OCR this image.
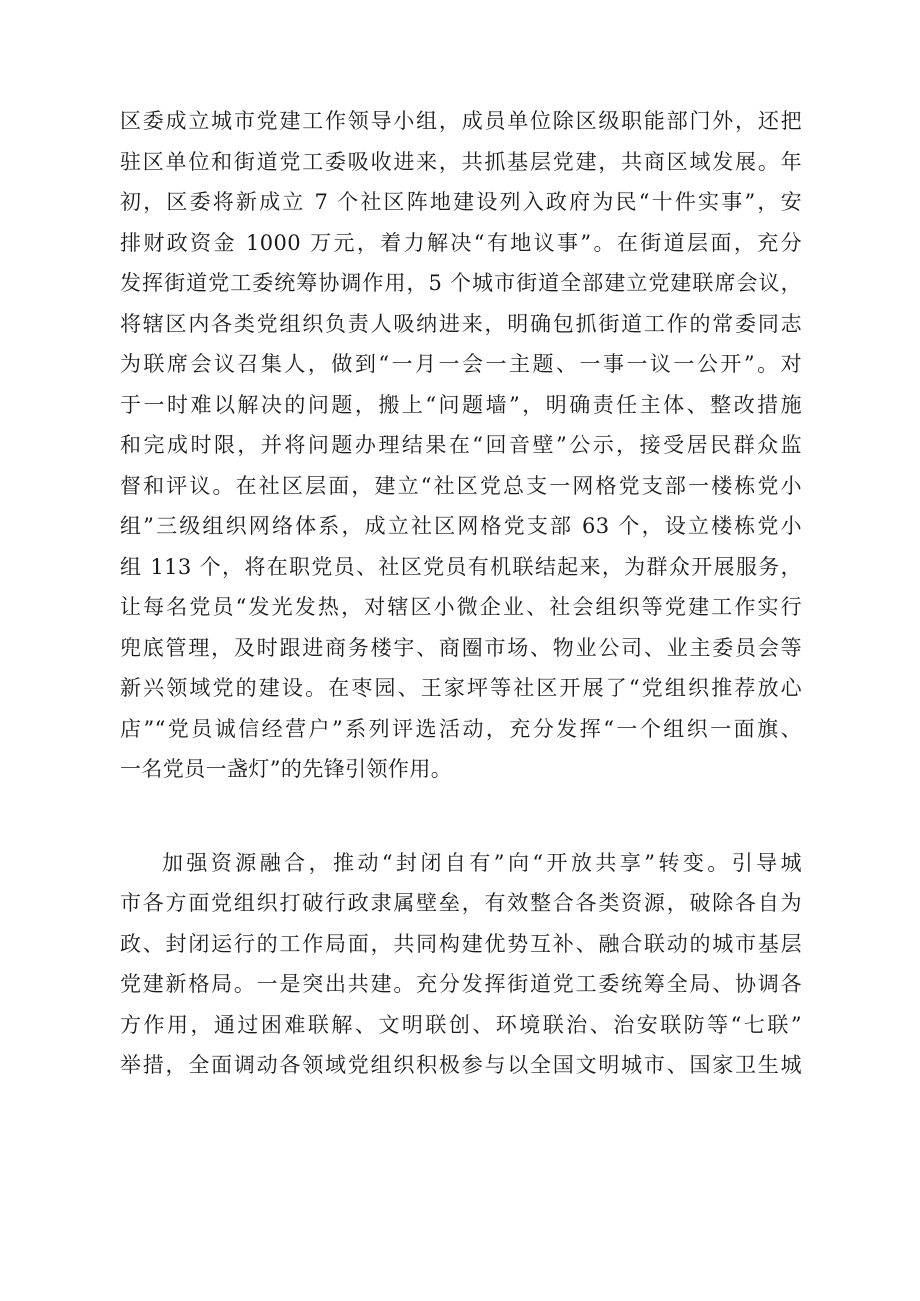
区委成立城市党建工作领导小组，成员单位除区级职能部门外，还把
驻区单位和街道党工委吸收进来，共抓基层党建，共商区域发展。年
初，区委将新成立 7 个社区阵地建设列入政府为民“十件实事”，安
排财政资金 1000 万元，着力解决“有地议事”。在街道层面，充分
发挥街道党工委统筹协调作用，5 个城市街道全部建立党建联席会议，
将辖区内各类党组织负责人吸纳进来，明确包抓街道工作的常委同志
为联席会议召集人，做到“一月一会一主题、一事一议一公开”。对
于一时难以解决的问题，搬上“问题墙”，明确责任主体、整改措施
和完成时限，并将问题办理结果在“回音壁”公示，接受居民群众监
督和评议。在社区层面，建立“社区党总支一网格党支部一楼栋党小
组”三级组织网络体系，成立社区网格党支部 63 个，设立楼栋党小
组 113 个，将在职党员、社区党员有机联结起来，为群众开展服务，
让每名党员“发光发热，对辖区小微企业、社会组织等党建工作实行
兜底管理，及时跟进商务楼宇、商圈市场、物业公司、业主委员会等
新兴领域党的建设。在枣园、王家坪等社区开展了“党组织推荐放心
店”“党员诚信经营户”系列评选活动，充分发挥“一个组织一面旗、
一名党员一盏灯”的先锋引领作用。
加强资源融合，推动“封闭自有”向“开放共享”转变。引导城
市各方面党组织打破行政隶属壁垒，有效整合各类资源，破除各自为
政、封闭运行的工作局面，共同构建优势互补、融合联动的城市基层
党建新格局。一是突出共建。充分发挥街道党工委统筹全局、协调各
方作用，通过困难联解、文明联创、环境联治、治安联防等“七联”
举措，全面调动各领域党组织积极参与以全国文明城市、国家卫生城
